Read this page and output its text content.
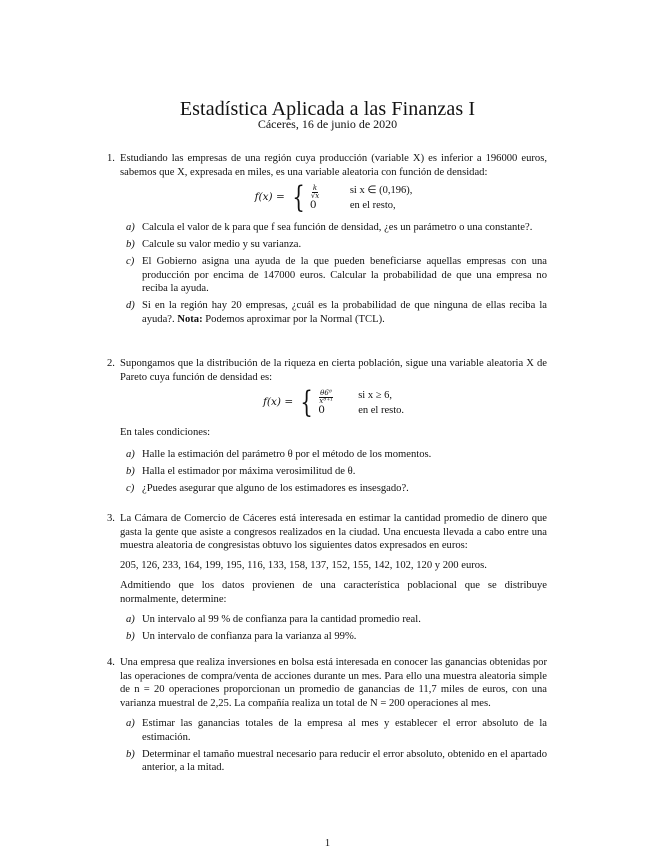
Estadística Aplicada a las Finanzas I
Cáceres, 16 de junio de 2020
1. Estudiando las empresas de una región cuya producción (variable X) es inferior a 196000 euros, sabemos que X, expresada en miles, es una variable aleatoria con función de densidad:

f(x) = { $\frac{k}{√x}$	si x ∈ (0,196),
0	en el resto,
a) Calcula el valor de k para que f sea función de densidad, ¿es un parámetro o una constante?.
b) Calcule su valor medio y su varianza.
c) El Gobierno asigna una ayuda de la que pueden beneficiarse aquellas empresas con una producción por encima de 147000 euros. Calcular la probabilidad de que una empresa no reciba la ayuda.
d) Si en la región hay 20 empresas, ¿cuál es la probabilidad de que ninguna de ellas reciba la ayuda?. Nota: Podemos aproximar por la Normal (TCL).
2. Supongamos que la distribución de la riqueza en cierta población, sigue una variable aleatoria X de Pareto cuya función de densidad es:

f(x) = { $\frac{\text{θ6ᶿ}}{\text{xᶿ⁺¹}}$ si x ≥ 6,
0	en el resto.

En tales condiciones:

a) Halle la estimación del parámetro θ por el método de los momentos.
b) Halla el estimador por máxima verosimilitud de θ.
c) ¿Puedes asegurar que alguno de los estimadores es insesgado?.
3. La Cámara de Comercio de Cáceres está interesada en estimar la cantidad promedio de dinero que gasta la gente que asiste a congresos realizados en la ciudad. Una encuesta llevada a cabo entre una muestra aleatoria de congresistas obtuvo los siguientes datos expresados en euros:

205, 126, 233, 164, 199, 195, 116, 133, 158, 137, 152, 155, 142, 102, 120 y 200 euros.

Admitiendo que los datos provienen de una característica poblacional que se distribuye normalmente, determine:

a) Un intervalo al 99 % de confianza para la cantidad promedio real.
b) Un intervalo de confianza para la varianza al 99%.
4. Una empresa que realiza inversiones en bolsa está interesada en conocer las ganancias obtenidas por las operaciones de compra/venta de acciones durante un mes. Para ello una muestra aleatoria simple de n = 20 operaciones proporcionan un promedio de ganancias de 11,7 miles de euros, con una varianza muestral de 2,25. La compañía realiza un total de N = 200 operaciones al mes.

a) Estimar las ganancias totales de la empresa al mes y establecer el error absoluto de la estimación.
b) Determinar el tamaño muestral necesario para reducir el error absoluto, obtenido en el apartado anterior, a la mitad.
1
